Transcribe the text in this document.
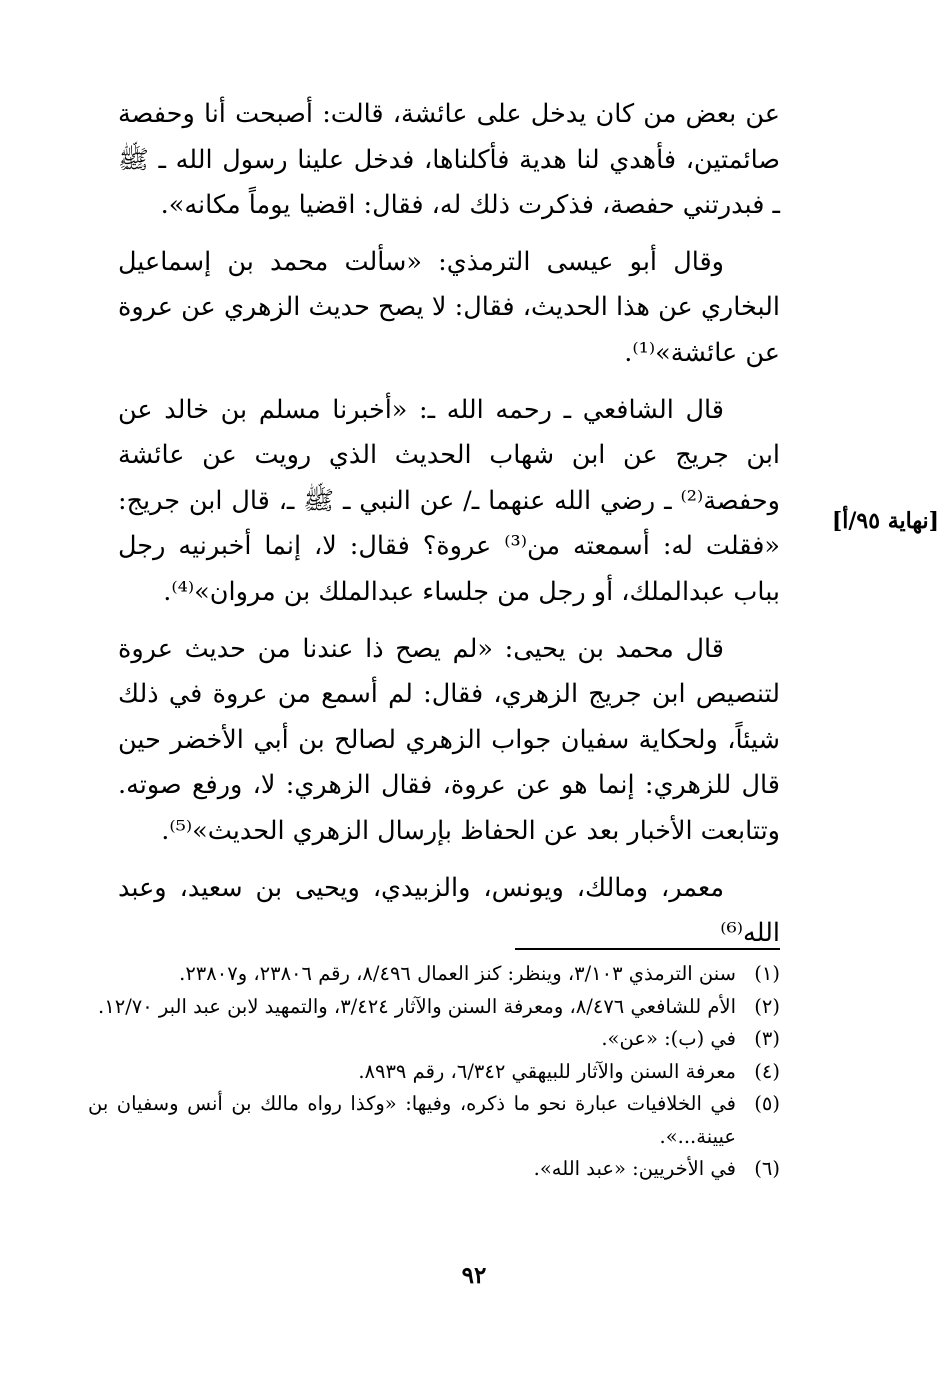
عن بعض من كان يدخل على عائشة، قالت: أصبحت أنا وحفصة صائمتين، فأهدي لنا هدية فأكلناها، فدخل علينا رسول الله ـ ﷺ ـ فبدرتني حفصة، فذكرت ذلك له، فقال: اقضيا يوماً مكانه».

وقال أبو عيسى الترمذي: «سألت محمد بن إسماعيل البخاري عن هذا الحديث، فقال: لا يصح حديث الزهري عن عروة عن عائشة»⁽¹⁾.

قال الشافعي ـ رحمه الله ـ: «أخبرنا مسلم بن خالد عن ابن جريج عن ابن شهاب الحديث الذي رويت عن عائشة وحفصة⁽²⁾ ـ رضي الله عنهما ـ/ عن النبي ـ ﷺ ـ، قال ابن جريج: «فقلت له: أسمعته من⁽³⁾ عروة؟ فقال: لا، إنما أخبرنيه رجل بباب عبدالملك، أو رجل من جلساء عبدالملك بن مروان»⁽⁴⁾.

قال محمد بن يحيى: «لم يصح ذا عندنا من حديث عروة لتنصيص ابن جريج الزهري، فقال: لم أسمع من عروة في ذلك شيئاً، ولحكاية سفيان جواب الزهري لصالح بن أبي الأخضر حين قال للزهري: إنما هو عن عروة، فقال الزهري: لا، ورفع صوته. وتتابعت الأخبار بعد عن الحفاظ بإرسال الزهري الحديث»⁽⁵⁾.

معمر، ومالك، ويونس، والزبيدي، ويحيى بن سعيد، وعبد الله⁽⁶⁾

[نهاية ٩٥/أ]
(١)
سنن الترمذي ٣/١٠٣، وينظر: كنز العمال ٨/٤٩٦، رقم ٢٣٨٠٦، و٢٣٨٠٧.
(٢)
الأم للشافعي ٨/٤٧٦، ومعرفة السنن والآثار ٣/٤٢٤، والتمهيد لابن عبد البر ١٢/٧٠.
(٣)
في (ب): «عن».
(٤)
معرفة السنن والآثار للبيهقي ٦/٣٤٢، رقم ٨٩٣٩.
(٥)
في الخلافيات عبارة نحو ما ذكره، وفيها: «وكذا رواه مالك بن أنس وسفيان بن عيينة...».
(٦)
في الأخريين: «عبد الله».
٩٢
